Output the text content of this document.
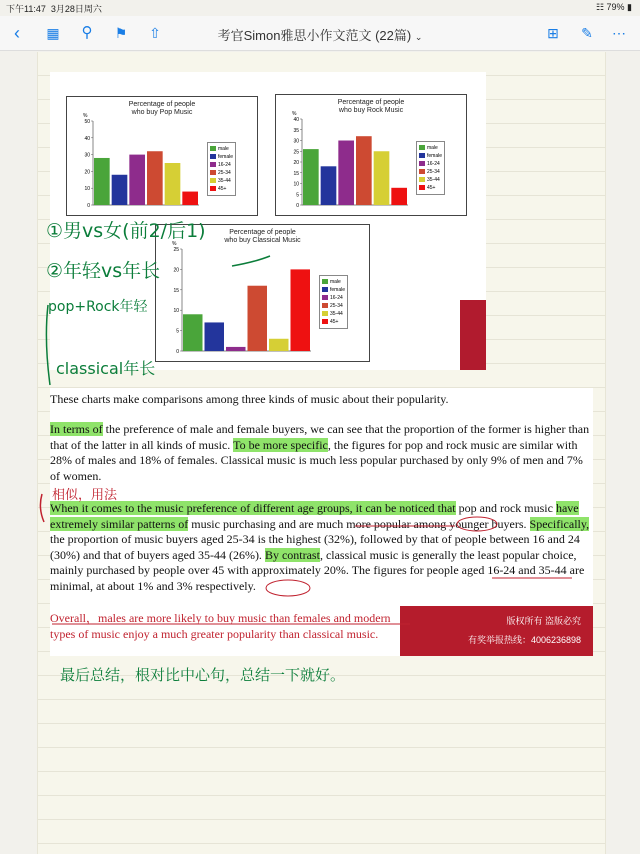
下午11:47 3月28日周六	☷ 79% ▮
‹	▦	⚲	⚑	⇧	考官Simon雅思小作文范文 (22篇) ⌄	⊞	✎	⋯
Percentage of people
who buy Pop Music
%
50
40
30
20
10
0
male
female
16-24
25-34
35-44
45+
Percentage of people
who buy Rock Music
%
40
35
30
25
20
15
10
5
0
male
female
16-24
25-34
35-44
45+
Percentage of people
who buy Classical Music
%
25
20
15
10
5
0
male
female
16-24
25-34
35-44
45+
These charts make comparisons among three kinds of music about their popularity.
In terms of the preference of male and female buyers, we can see that the proportion of the former is higher than that of the latter in all kinds of music. To be more specific, the figures for pop and rock music are similar with 28% of males and 18% of females. Classical music is much less popular purchased by only 9% of men and 7% of women.
When it comes to the music preference of different age groups, it can be noticed that pop and rock music have extremely similar patterns of music purchasing and are much more popular among younger buyers. Specifically, the proportion of music buyers aged 25-34 is the highest (32%), followed by that of people between 16 and 24 (30%) and that of buyers aged 35-44 (26%). By contrast, classical music is generally the least popular choice, mainly purchased by people over 45 with approximately 20%. The figures for people aged 16-24 and 35-44 are minimal, at about 1% and 3% respectively.
版权所有 盗版必究
有奖举报热线：4006236898
Overall，males are more likely to buy music than females and modern types of music enjoy a much greater popularity than classical music.
①男vs女(前2/后1)
②年轻vs年长
pop+Rock年轻
classical年长
相似，用法
最后总结，根对比中心句，总结一下就好。
